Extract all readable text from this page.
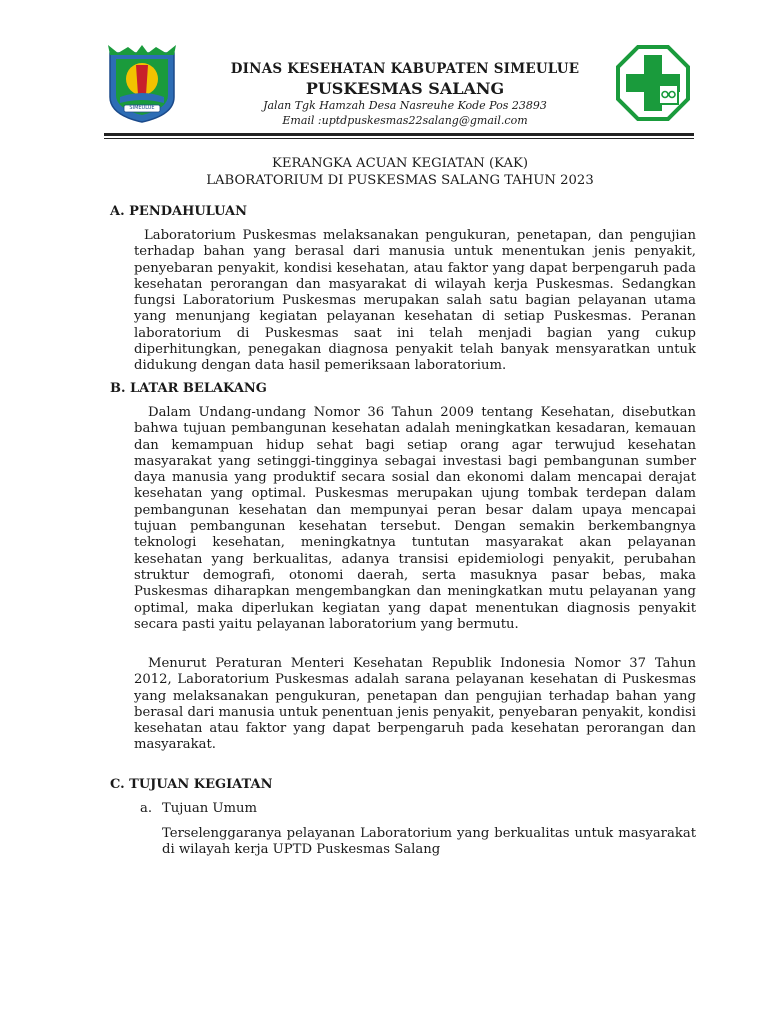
SIMEULUE
DINAS KESEHATAN KABUPATEN SIMEULUE
PUSKESMAS SALANG
Jalan Tgk Hamzah Desa Nasreuhe Kode Pos 23893
Email :uptdpuskesmas22salang@gmail.com
KERANGKA ACUAN KEGIATAN (KAK)
LABORATORIUM DI PUSKESMAS SALANG TAHUN 2023
A. PENDAHULUAN

Laboratorium Puskesmas melaksanakan pengukuran, penetapan, dan pengujian terhadap bahan yang berasal dari manusia untuk menentukan jenis penyakit, penyebaran penyakit, kondisi kesehatan, atau faktor yang dapat berpengaruh pada kesehatan perorangan dan masyarakat di wilayah kerja Puskesmas. Sedangkan fungsi Laboratorium Puskesmas merupakan salah satu bagian pelayanan utama yang menunjang kegiatan pelayanan kesehatan di setiap Puskesmas. Peranan laboratorium di Puskesmas saat ini telah menjadi bagian yang cukup diperhitungkan, penegakan diagnosa penyakit telah banyak mensyaratkan untuk didukung dengan data hasil pemeriksaan laboratorium.

B. LATAR BELAKANG

Dalam Undang-undang Nomor 36 Tahun 2009 tentang Kesehatan, disebutkan bahwa tujuan pembangunan kesehatan adalah meningkatkan kesadaran, kemauan dan kemampuan hidup sehat bagi setiap orang agar terwujud kesehatan masyarakat yang setinggi-tingginya sebagai investasi bagi pembangunan sumber daya manusia yang produktif secara sosial dan ekonomi dalam mencapai derajat kesehatan yang optimal. Puskesmas merupakan ujung tombak terdepan dalam pembangunan kesehatan dan mempunyai peran besar dalam upaya mencapai tujuan pembangunan kesehatan tersebut. Dengan semakin berkembangnya teknologi kesehatan, meningkatnya tuntutan masyarakat akan pelayanan kesehatan yang berkualitas, adanya transisi epidemiologi penyakit, perubahan struktur demografi, otonomi daerah, serta masuknya pasar bebas, maka Puskesmas diharapkan mengembangkan dan meningkatkan mutu pelayanan yang optimal, maka diperlukan kegiatan yang dapat menentukan diagnosis penyakit secara pasti yaitu pelayanan laboratorium yang bermutu.

Menurut Peraturan Menteri Kesehatan Republik Indonesia Nomor 37 Tahun 2012, Laboratorium Puskesmas adalah sarana pelayanan kesehatan di Puskesmas yang melaksanakan pengukuran, penetapan dan pengujian terhadap bahan yang berasal dari manusia untuk penentuan jenis penyakit, penyebaran penyakit, kondisi kesehatan atau faktor yang dapat berpengaruh pada kesehatan perorangan dan masyarakat.

C. TUJUAN KEGIATAN
a. Tujuan Umum

Terselenggaranya pelayanan Laboratorium yang berkualitas untuk masyarakat di wilayah kerja UPTD Puskesmas Salang
